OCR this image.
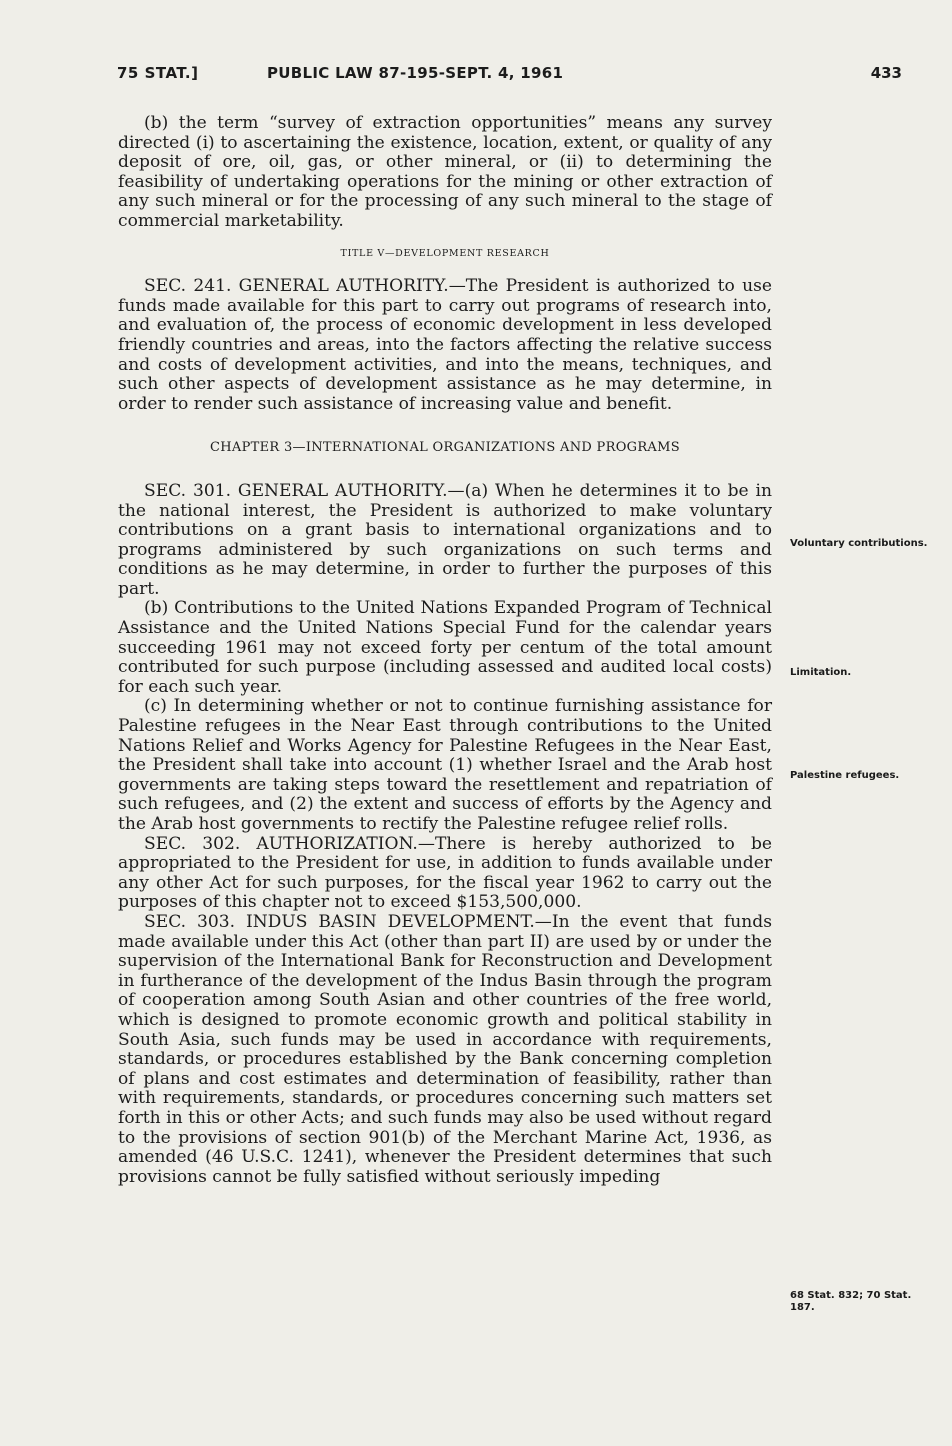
75 STAT.]	PUBLIC LAW 87-195-SEPT. 4, 1961	433

(b) the term “survey of extraction opportunities” means any survey directed (i) to ascertaining the existence, location, extent, or quality of any deposit of ore, oil, gas, or other mineral, or (ii) to determining the feasibility of undertaking operations for the mining or other extraction of any such mineral or for the processing of any such mineral to the stage of commercial marketability.

TITLE V—DEVELOPMENT RESEARCH

SEC. 241. GENERAL AUTHORITY.—The President is authorized to use funds made available for this part to carry out programs of research into, and evaluation of, the process of economic development in less developed friendly countries and areas, into the factors affecting the relative success and costs of development activities, and into the means, techniques, and such other aspects of development assistance as he may determine, in order to render such assistance of increasing value and benefit.

CHAPTER 3—INTERNATIONAL ORGANIZATIONS AND PROGRAMS

SEC. 301. GENERAL AUTHORITY.—(a) When he determines it to be in the national interest, the President is authorized to make voluntary contributions on a grant basis to international organizations and to programs administered by such organizations on such terms and conditions as he may determine, in order to further the purposes of this part.

(b) Contributions to the United Nations Expanded Program of Technical Assistance and the United Nations Special Fund for the calendar years succeeding 1961 may not exceed forty per centum of the total amount contributed for such purpose (including assessed and audited local costs) for each such year.

(c) In determining whether or not to continue furnishing assistance for Palestine refugees in the Near East through contributions to the United Nations Relief and Works Agency for Palestine Refugees in the Near East, the President shall take into account (1) whether Israel and the Arab host governments are taking steps toward the resettlement and repatriation of such refugees, and (2) the extent and success of efforts by the Agency and the Arab host governments to rectify the Palestine refugee relief rolls.

SEC. 302. AUTHORIZATION.—There is hereby authorized to be appropriated to the President for use, in addition to funds available under any other Act for such purposes, for the fiscal year 1962 to carry out the purposes of this chapter not to exceed $153,500,000.

SEC. 303. INDUS BASIN DEVELOPMENT.—In the event that funds made available under this Act (other than part II) are used by or under the supervision of the International Bank for Reconstruction and Development in furtherance of the development of the Indus Basin through the program of cooperation among South Asian and other countries of the free world, which is designed to promote economic growth and political stability in South Asia, such funds may be used in accordance with requirements, standards, or procedures established by the Bank concerning completion of plans and cost estimates and determination of feasibility, rather than with requirements, standards, or procedures concerning such matters set forth in this or other Acts; and such funds may also be used without regard to the provisions of section 901(b) of the Merchant Marine Act, 1936, as amended (46 U.S.C. 1241), whenever the President determines that such provisions cannot be fully satisfied without seriously impeding

Voluntary contributions.
Limitation.
Palestine refugees.
68 Stat. 832; 70 Stat. 187.
